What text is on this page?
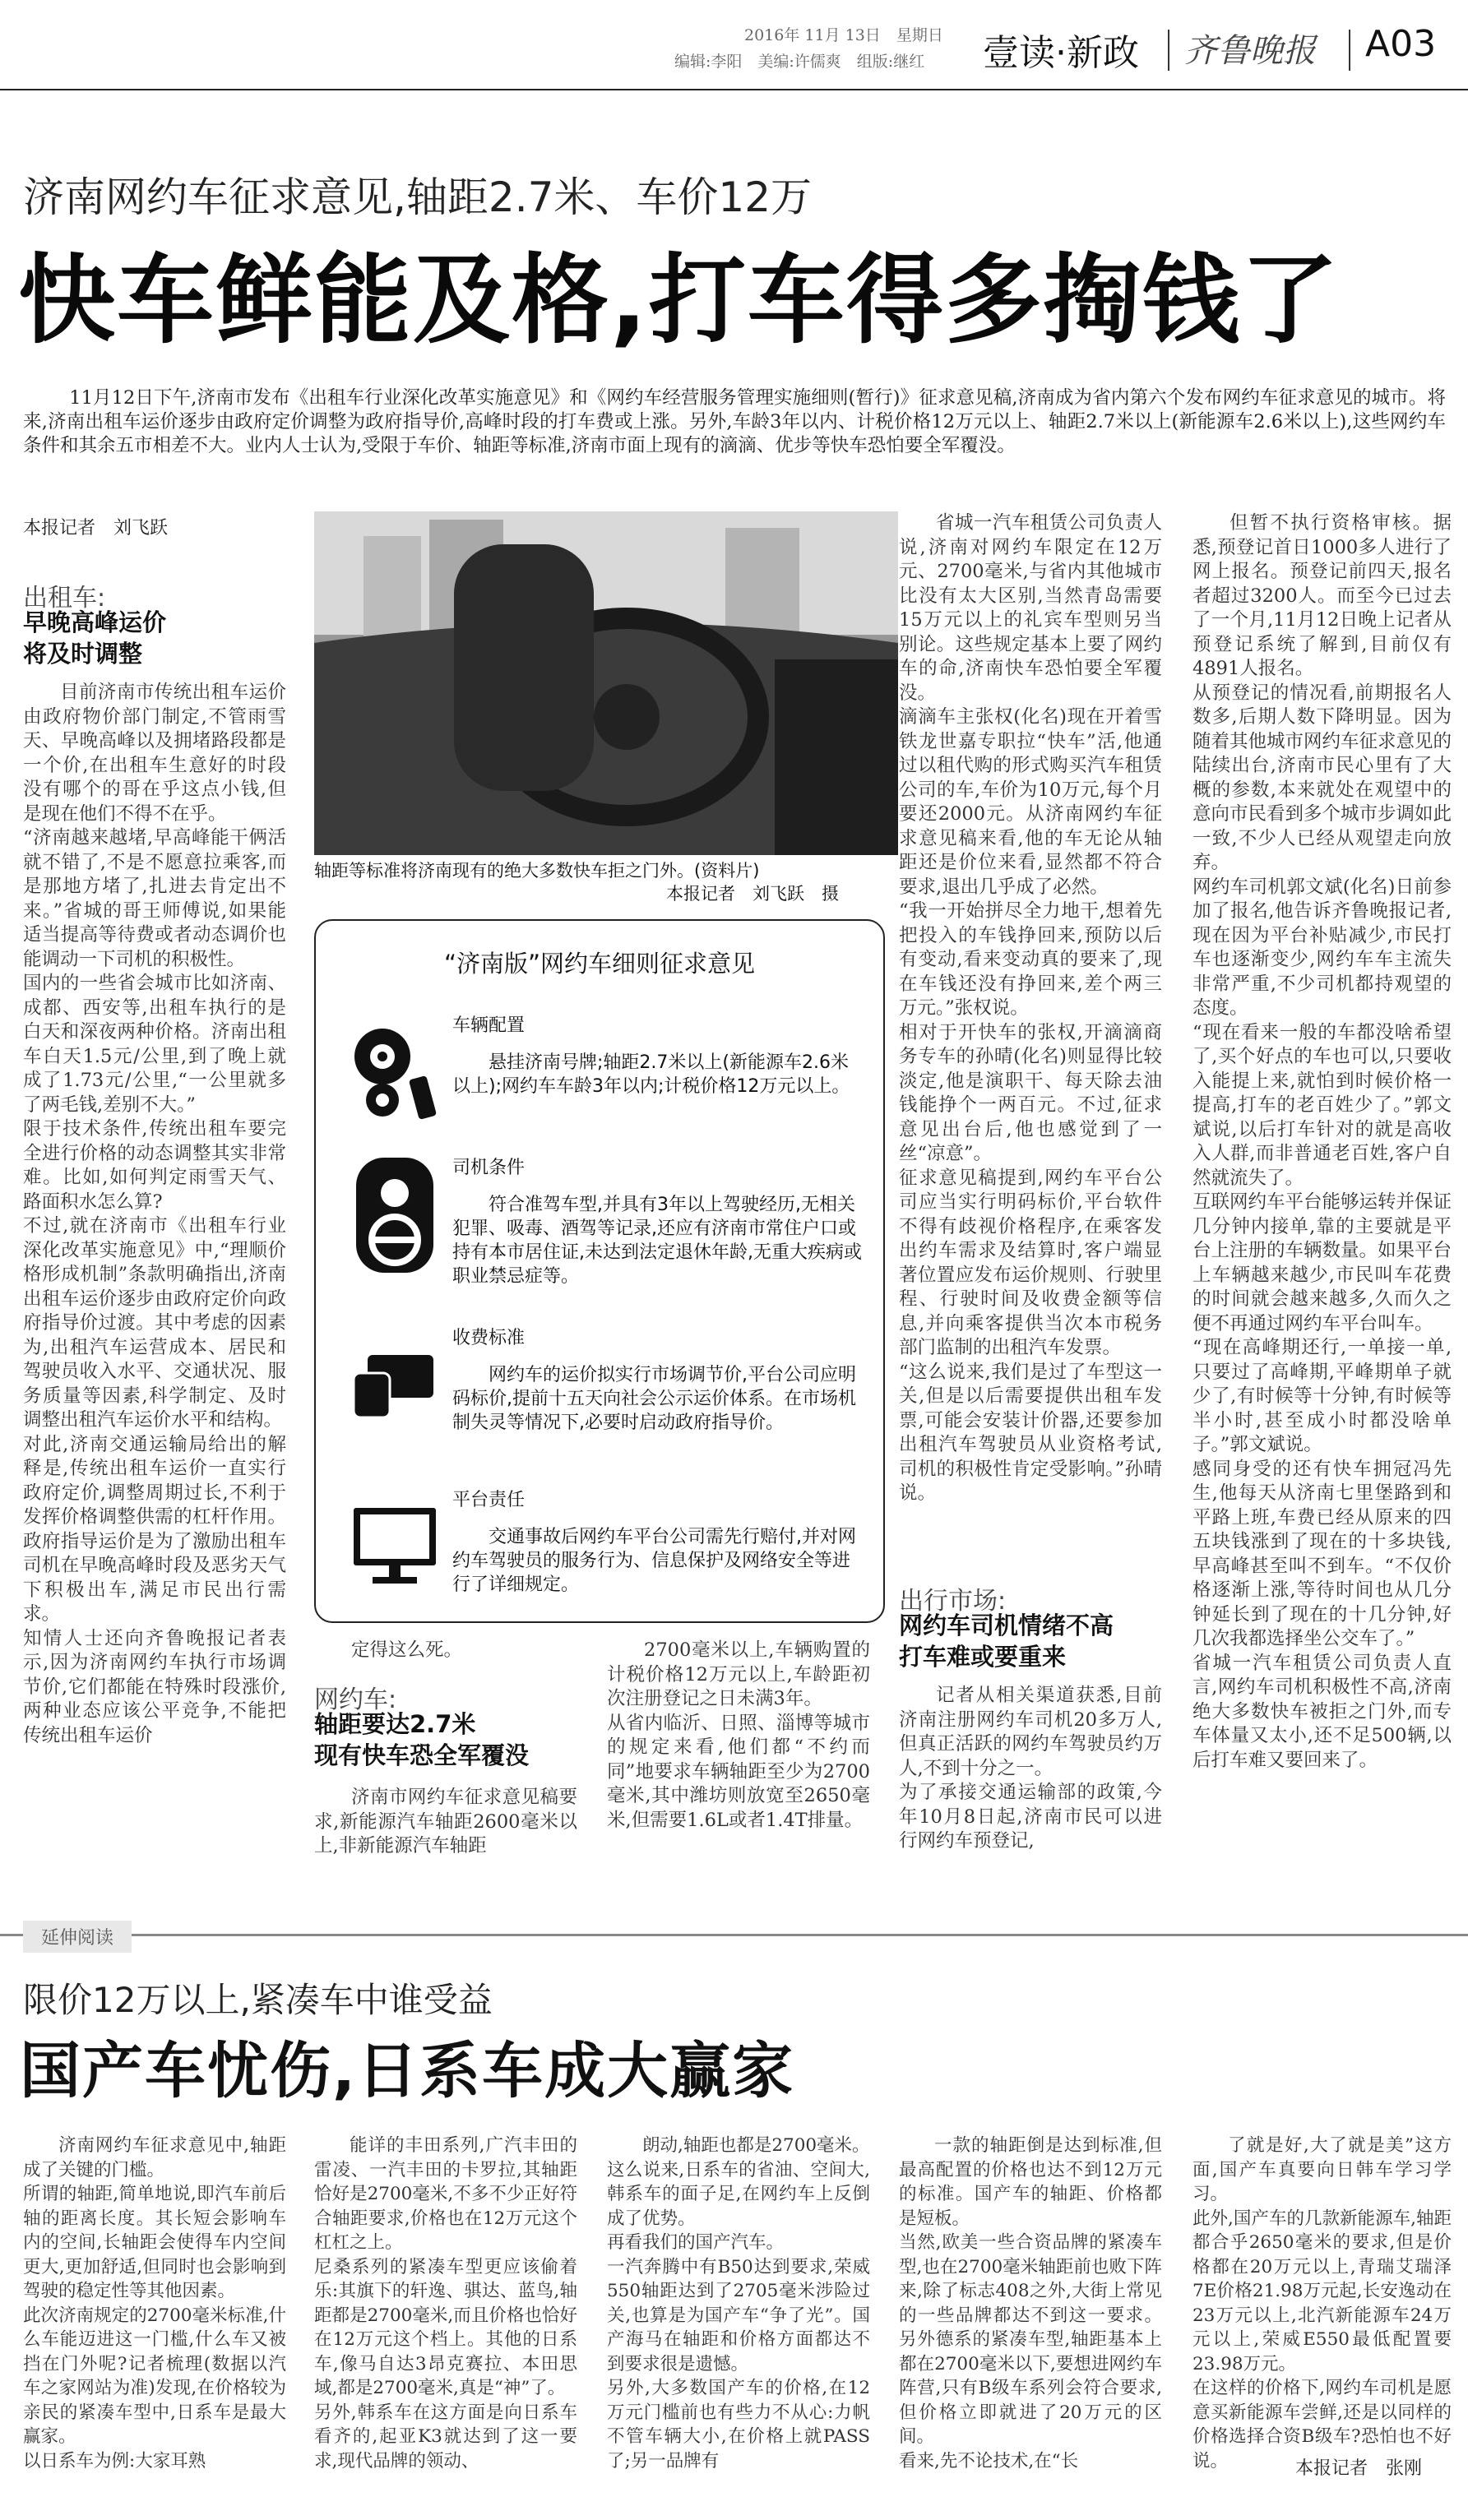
2016年 11月 13日　 星期日
编辑:李阳　美编:许儒爽　组版:继红 壹读·新政 齐鲁晚报 A03
济南网约车征求意见,轴距2.7米、车价12万
快车鲜能及格,打车得多掏钱了
11月12日下午,济南市发布《出租车行业深化改革实施意见》和《网约车经营服务管理实施细则(暂行)》征求意见稿,济南成为省内第六个发布网约车征求意见的城市。将来,济南出租车运价逐步由政府定价调整为政府指导价,高峰时段的打车费或上涨。另外,车龄3年以内、计税价格12万元以上、轴距2.7米以上(新能源车2.6米以上),这些网约车条件和其余五市相差不大。业内人士认为,受限于车价、轴距等标准,济南市面上现有的滴滴、优步等快车恐怕要全军覆没。
本报记者　刘飞跃
出租车:
早晚高峰运价
将及时调整
目前济南市传统出租车运价由政府物价部门制定,不管雨雪天、早晚高峰以及拥堵路段都是一个价,在出租车生意好的时段没有哪个的哥在乎这点小钱,但是现在他们不得不在乎。
“济南越来越堵,早高峰能干俩活就不错了,不是不愿意拉乘客,而是那地方堵了,扎进去肯定出不来。”省城的哥王师傅说,如果能适当提高等待费或者动态调价也能调动一下司机的积极性。
国内的一些省会城市比如济南、成都、西安等,出租车执行的是白天和深夜两种价格。济南出租车白天1.5元/公里,到了晚上就成了1.73元/公里,“一公里就多了两毛钱,差别不大。”
限于技术条件,传统出租车要完全进行价格的动态调整其实非常难。比如,如何判定雨雪天气、路面积水怎么算?
不过,就在济南市《出租车行业深化改革实施意见》中,“理顺价格形成机制”条款明确指出,济南出租车运价逐步由政府定价向政府指导价过渡。其中考虑的因素为,出租汽车运营成本、居民和驾驶员收入水平、交通状况、服务质量等因素,科学制定、及时调整出租汽车运价水平和结构。
对此,济南交通运输局给出的解释是,传统出租车运价一直实行政府定价,调整周期过长,不利于发挥价格调整供需的杠杆作用。政府指导运价是为了激励出租车司机在早晚高峰时段及恶劣天气下积极出车,满足市民出行需求。
知情人士还向齐鲁晚报记者表示,因为济南网约车执行市场调节价,它们都能在特殊时段涨价,两种业态应该公平竞争,不能把传统出租车运价
轴距等标准将济南现有的绝大多数快车拒之门外。(资料片)
本报记者　刘飞跃　摄
“济南版”网约车细则征求意见
车辆配置
悬挂济南号牌;轴距2.7米以上(新能源车2.6米以上);网约车车龄3年以内;计税价格12万元以上。
司机条件
符合准驾车型,并具有3年以上驾驶经历,无相关犯罪、吸毒、酒驾等记录,还应有济南市常住户口或持有本市居住证,未达到法定退休年龄,无重大疾病或职业禁忌症等。
收费标准
网约车的运价拟实行市场调节价,平台公司应明码标价,提前十五天向社会公示运价体系。在市场机制失灵等情况下,必要时启动政府指导价。
平台责任
交通事故后网约车平台公司需先行赔付,并对网约车驾驶员的服务行为、信息保护及网络安全等进行了详细规定。
定得这么死。
网约车:
轴距要达2.7米
现有快车恐全军覆没
济南市网约车征求意见稿要求,新能源汽车轴距2600毫米以上,非新能源汽车轴距
2700毫米以上,车辆购置的计税价格12万元以上,车龄距初次注册登记之日未满3年。
从省内临沂、日照、淄博等城市的规定来看,他们都“不约而同”地要求车辆轴距至少为2700毫米,其中潍坊则放宽至2650毫米,但需要1.6L或者1.4T排量。
省城一汽车租赁公司负责人说,济南对网约车限定在12万元、2700毫米,与省内其他城市比没有太大区别,当然青岛需要15万元以上的礼宾车型则另当别论。这些规定基本上要了网约车的命,济南快车恐怕要全军覆没。
滴滴车主张权(化名)现在开着雪铁龙世嘉专职拉“快车”活,他通过以租代购的形式购买汽车租赁公司的车,车价为10万元,每个月要还2000元。从济南网约车征求意见稿来看,他的车无论从轴距还是价位来看,显然都不符合要求,退出几乎成了必然。
“我一开始拼尽全力地干,想着先把投入的车钱挣回来,预防以后有变动,看来变动真的要来了,现在车钱还没有挣回来,差个两三万元。”张权说。
相对于开快车的张权,开滴滴商务专车的孙晴(化名)则显得比较淡定,他是演职干、每天除去油钱能挣个一两百元。不过,征求意见出台后,他也感觉到了一丝“凉意”。
征求意见稿提到,网约车平台公司应当实行明码标价,平台软件不得有歧视价格程序,在乘客发出约车需求及结算时,客户端显著位置应发布运价规则、行驶里程、行驶时间及收费金额等信息,并向乘客提供当次本市税务部门监制的出租汽车发票。
“这么说来,我们是过了车型这一关,但是以后需要提供出租车发票,可能会安装计价器,还要参加出租汽车驾驶员从业资格考试,司机的积极性肯定受影响。”孙晴说。
出行市场:
网约车司机情绪不高
打车难或要重来
记者从相关渠道获悉,目前济南注册网约车司机20多万人,但真正活跃的网约车驾驶员约万人,不到十分之一。
为了承接交通运输部的政策,今年10月8日起,济南市民可以进行网约车预登记,
但暂不执行资格审核。据悉,预登记首日1000多人进行了网上报名。预登记前四天,报名者超过3200人。而至今已过去了一个月,11月12日晚上记者从预登记系统了解到,目前仅有4891人报名。
从预登记的情况看,前期报名人数多,后期人数下降明显。因为随着其他城市网约车征求意见的陆续出台,济南市民心里有了大概的参数,本来就处在观望中的意向市民看到多个城市步调如此一致,不少人已经从观望走向放弃。
网约车司机郭文斌(化名)日前参加了报名,他告诉齐鲁晚报记者,现在因为平台补贴减少,市民打车也逐渐变少,网约车车主流失非常严重,不少司机都持观望的态度。
“现在看来一般的车都没啥希望了,买个好点的车也可以,只要收入能提上来,就怕到时候价格一提高,打车的老百姓少了。”郭文斌说,以后打车针对的就是高收入人群,而非普通老百姓,客户自然就流失了。
互联网约车平台能够运转并保证几分钟内接单,靠的主要就是平台上注册的车辆数量。如果平台上车辆越来越少,市民叫车花费的时间就会越来越多,久而久之便不再通过网约车平台叫车。
“现在高峰期还行,一单接一单,只要过了高峰期,平峰期单子就少了,有时候等十分钟,有时候等半小时,甚至成小时都没啥单子。”郭文斌说。
感同身受的还有快车拥冠冯先生,他每天从济南七里堡路到和平路上班,车费已经从原来的四五块钱涨到了现在的十多块钱,早高峰甚至叫不到车。“不仅价格逐渐上涨,等待时间也从几分钟延长到了现在的十几分钟,好几次我都选择坐公交车了。”
省城一汽车租赁公司负责人直言,网约车司机积极性不高,济南绝大多数快车被拒之门外,而专车体量又太小,还不足500辆,以后打车难又要回来了。
延伸阅读
限价12万以上,紧凑车中谁受益
国产车忧伤,日系车成大赢家
济南网约车征求意见中,轴距成了关键的门槛。
所谓的轴距,简单地说,即汽车前后轴的距离长度。其长短会影响车内的空间,长轴距会使得车内空间更大,更加舒适,但同时也会影响到驾驶的稳定性等其他因素。
此次济南规定的2700毫米标准,什么车能迈进这一门槛,什么车又被挡在门外呢?记者梳理(数据以汽车之家网站为准)发现,在价格较为亲民的紧凑车型中,日系车是最大赢家。
以日系车为例:大家耳熟
能详的丰田系列,广汽丰田的雷凌、一汽丰田的卡罗拉,其轴距恰好是2700毫米,不多不少正好符合轴距要求,价格也在12万元这个杠杠之上。
尼桑系列的紧凑车型更应该偷着乐:其旗下的轩逸、骐达、蓝鸟,轴距都是2700毫米,而且价格也恰好在12万元这个档上。其他的日系车,像马自达3昂克赛拉、本田思域,都是2700毫米,真是“神”了。
另外,韩系车在这方面是向日系车看齐的,起亚K3就达到了这一要求,现代品牌的领动、
朗动,轴距也都是2700毫米。
这么说来,日系车的省油、空间大,韩系车的面子足,在网约车上反倒成了优势。
再看我们的国产汽车。
一汽奔腾中有B50达到要求,荣威550轴距达到了2705毫米涉险过关,也算是为国产车“争了光”。国产海马在轴距和价格方面都达不到要求很是遗憾。
另外,大多数国产车的价格,在12万元门槛前也有些力不从心:力帆不管车辆大小,在价格上就PASS了;另一品牌有
一款的轴距倒是达到标准,但最高配置的价格也达不到12万元的标准。国产车的轴距、价格都是短板。
当然,欧美一些合资品牌的紧凑车型,也在2700毫米轴距前也败下阵来,除了标志408之外,大街上常见的一些品牌都达不到这一要求。另外德系的紧凑车型,轴距基本上都在2700毫米以下,要想进网约车阵营,只有B级车系列会符合要求,但价格立即就进了20万元的区间。
看来,先不论技术,在“长
了就是好,大了就是美”这方面,国产车真要向日韩车学习学习。
此外,国产车的几款新能源车,轴距都合乎2650毫米的要求,但是价格都在20万元以上,青瑞艾瑞泽7E价格21.98万元起,长安逸动在23万元以上,北汽新能源车24万元以上,荣威E550最低配置要23.98万元。
在这样的价格下,网约车司机是愿意买新能源车尝鲜,还是以同样的价格选择合资B级车?恐怕也不好说。	本报记者　张刚
